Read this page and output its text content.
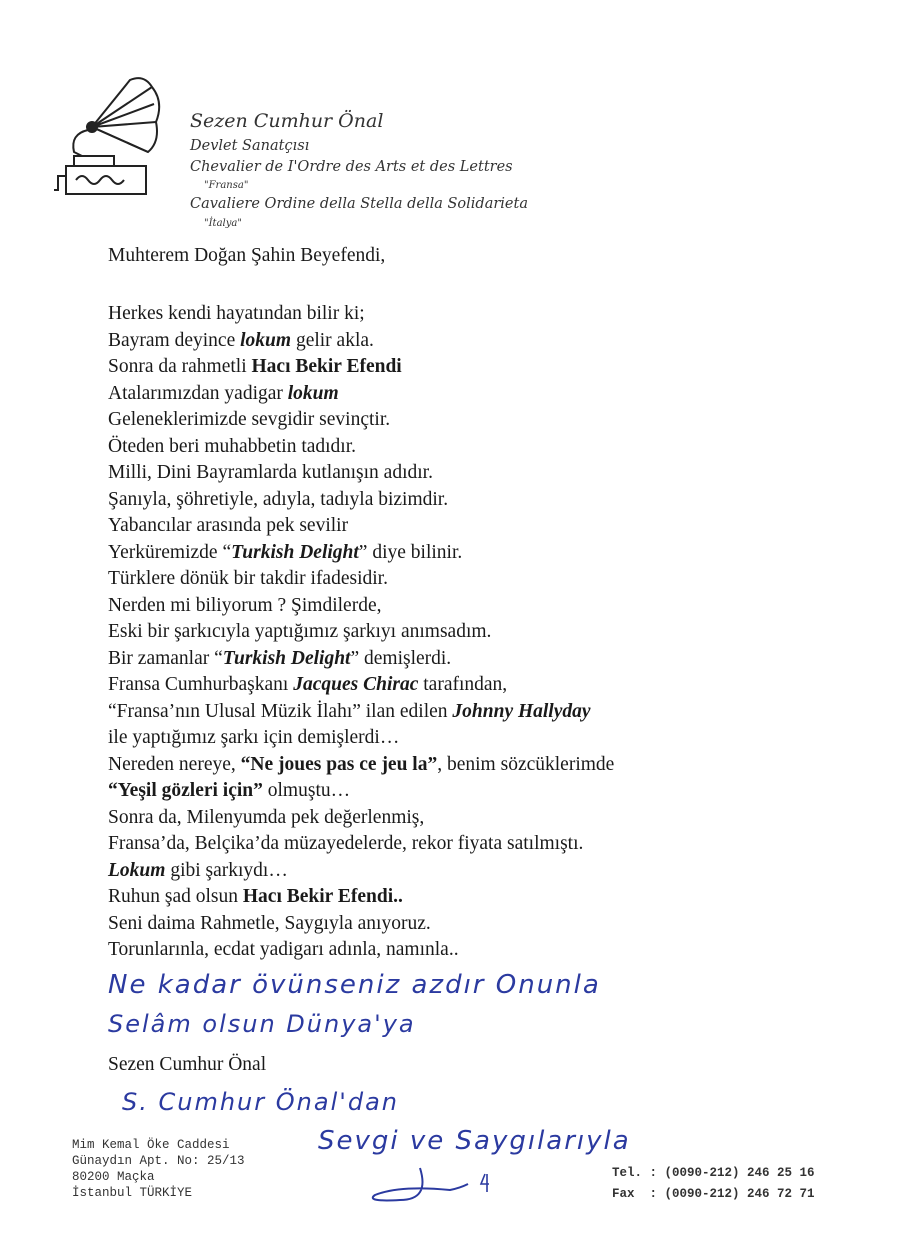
Sezen Cumhur Önal
Devlet Sanatçısı
Chevalier de I'Ordre des Arts et des Lettres
"Fransa"
Cavaliere Ordine della Stella della Solidarieta
"İtalya"
Muhterem Doğan Şahin Beyefendi,
Herkes kendi hayatından bilir ki;
Bayram deyince lokum gelir akla.
Sonra da rahmetli Hacı Bekir Efendi
Atalarımızdan yadigar lokum
Geleneklerimizde sevgidir sevinçtir.
Öteden beri muhabbetin tadıdır.
Milli, Dini Bayramlarda kutlanışın adıdır.
Şanıyla, şöhretiyle, adıyla, tadıyla bizimdir.
Yabancılar arasında pek sevilir
Yerküremizde “Turkish Delight” diye bilinir.
Türklere dönük bir takdir ifadesidir.
Nerden mi biliyorum ? Şimdilerde,
Eski bir şarkıcıyla yaptığımız şarkıyı anımsadım.
Bir zamanlar “Turkish Delight” demişlerdi.
Fransa Cumhurbaşkanı Jacques Chirac tarafından,
“Fransa’nın Ulusal Müzik İlahı” ilan edilen Johnny Hallyday
ile yaptığımız şarkı için demişlerdi…
Nereden nereye, “Ne joues pas ce jeu la”, benim sözcüklerimde
“Yeşil gözleri için” olmuştu…
Sonra da, Milenyumda pek değerlenmiş,
Fransa’da, Belçika’da müzayedelerde, rekor fiyata satılmıştı.
Lokum gibi şarkıydı…
Ruhun şad olsun Hacı Bekir Efendi..
Seni daima Rahmetle, Saygıyla anıyoruz.
Torunlarınla, ecdat yadigarı adınla, namınla..
Ne kadar övünseniz azdır Onunla
Selâm olsun Dünya'ya
Sezen Cumhur Önal
S. Cumhur Önal'dan
Sevgi ve Saygılarıyla
Mim Kemal Öke Caddesi
Günaydın Apt. No: 25/13
80200 Maçka
İstanbul TÜRKİYE
Tel. : (0090-212) 246 25 16
Fax  : (0090-212) 246 72 71
